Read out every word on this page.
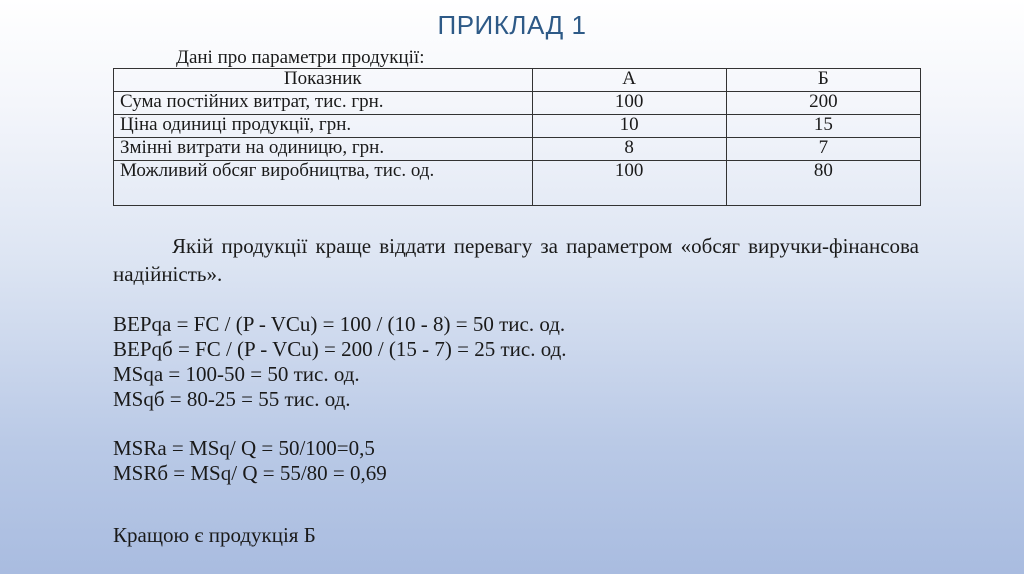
ПРИКЛАД 1
Дані про параметри продукції:
Показник	А	Б
Сума постійних витрат, тис. грн.	100	200
Ціна одиниці продукції, грн.	10	15
Змінні витрати на одиницю, грн.	8	7
Можливий обсяг виробництва, тис. од.	100	80
Якій продукції краще віддати перевагу за параметром «обсяг виручки-фінансова надійність».
BEPqa = FC / (P - VCu) = 100 / (10 - 8) = 50 тис. од.
BEPqб = FC / (P - VCu) = 200 / (15 - 7) = 25 тис. од.
MSqa = 100-50 = 50 тис. од.
MSqб = 80-25 = 55 тис. од.
MSRa = MSq/ Q = 50/100=0,5
MSRб = MSq/ Q = 55/80 = 0,69
Кращою є продукція Б
